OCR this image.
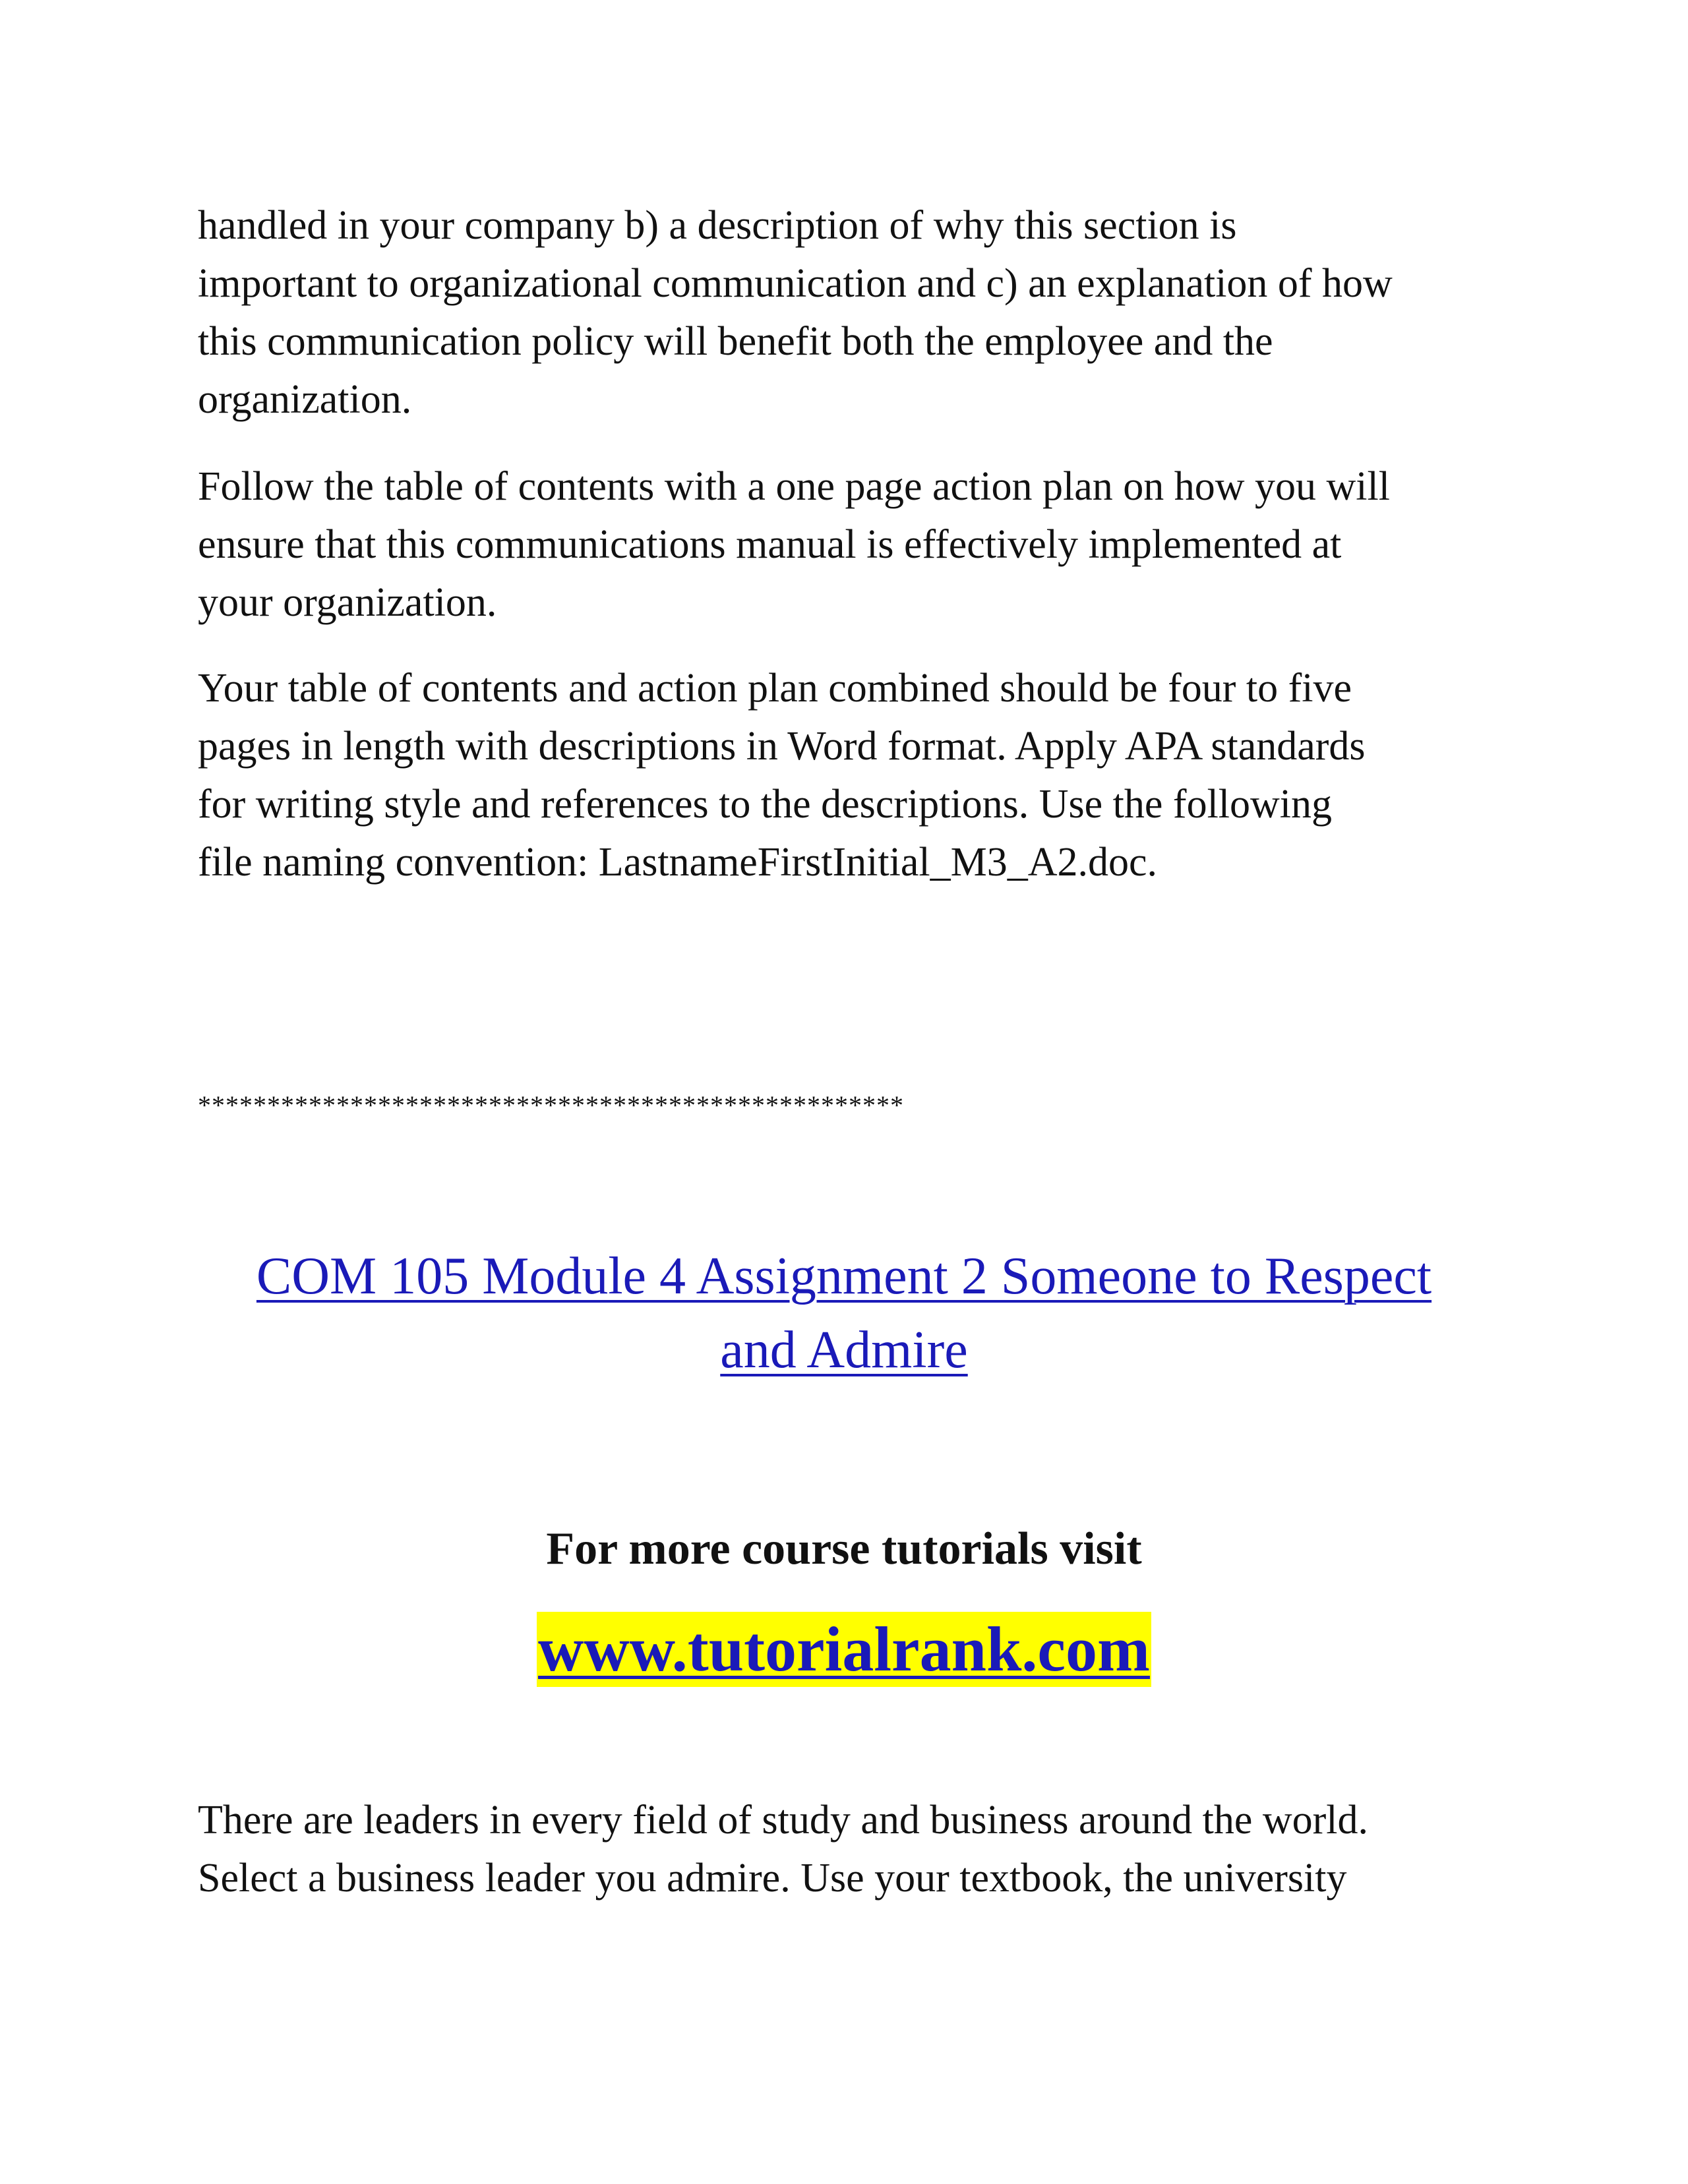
handled in your company b) a description of why this section is
important to organizational communication and c) an explanation of how
this communication policy will benefit both the employee and the
organization.

Follow the table of contents with a one page action plan on how you will
ensure that this communications manual is effectively implemented at
your organization.

Your table of contents and action plan combined should be four to five
pages in length with descriptions in Word format. Apply APA standards
for writing style and references to the descriptions. Use the following
file naming convention: LastnameFirstInitial_M3_A2.doc.

***************************************************
COM 105 Module 4 Assignment 2 Someone to Respect
and Admire
For more course tutorials visit
www.tutorialrank.com

There are leaders in every field of study and business around the world.
Select a business leader you admire. Use your textbook, the university
